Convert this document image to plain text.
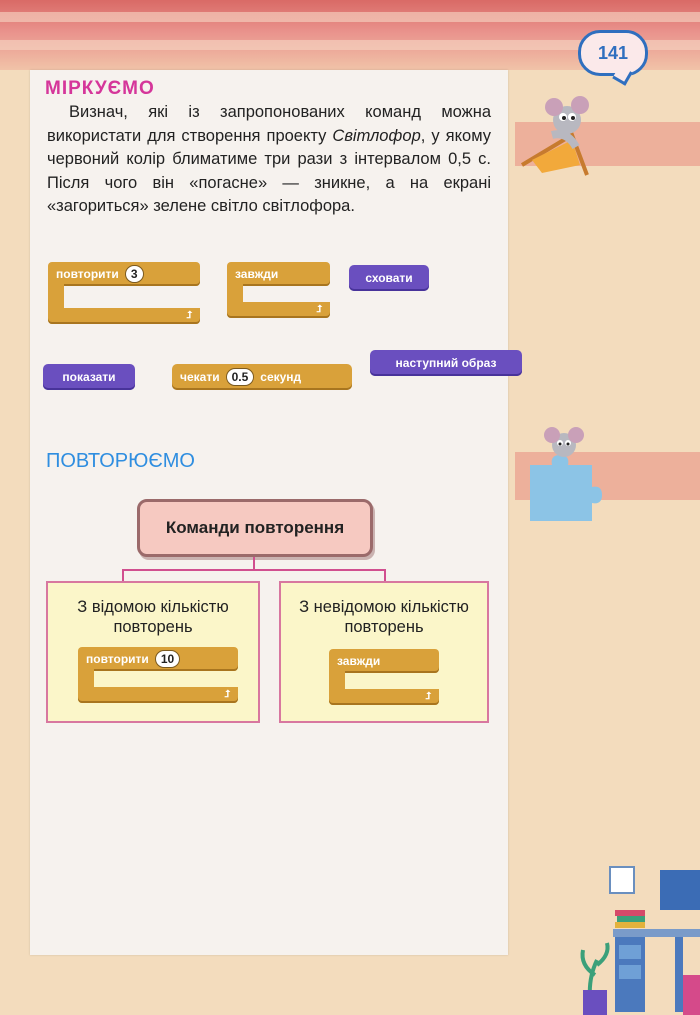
141
МІРКУЄМО

Визнач, які із запропонованих команд можна використати для створення проекту Світлофор, у якому червоний колір блиматиме три рази з інтервалом 0,5 с. Після чого він «погасне» — зникне, а на екрані «загориться» зелене світло світлофора.

повторити	3
⮥
завжди
⮥
сховати
показати	чекати	0.5	секунд
наступний образ
ПОВТОРЮЄМО
Команди повторення
З відомою кількістю повторень
повторити	10
⮥
З невідомою кількістю повторень
завжди
⮥
